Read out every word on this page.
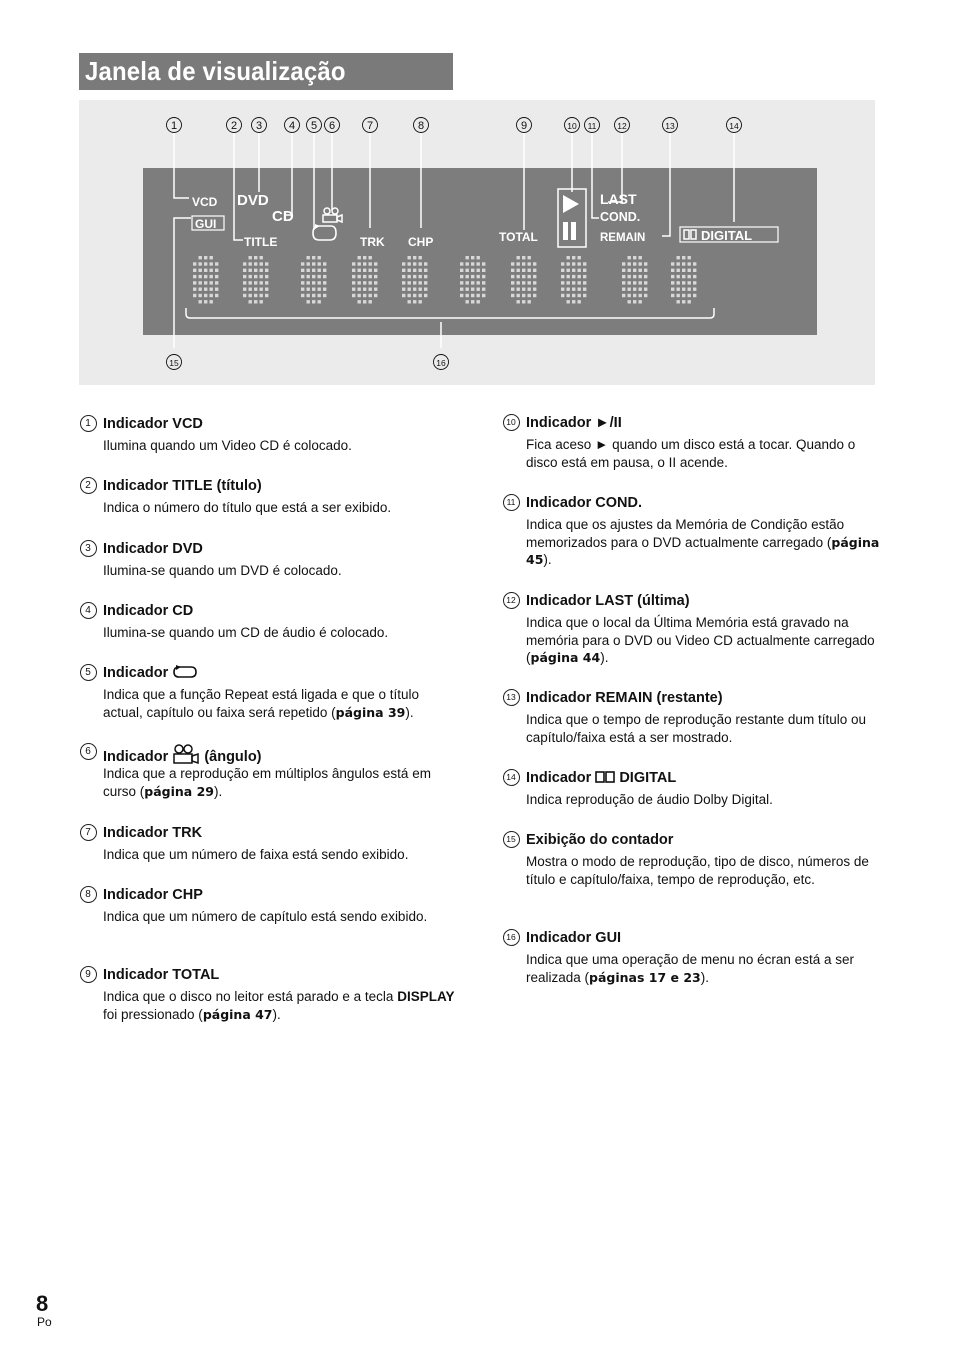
Janela de visualização
1	2 3 4 5 6	7	8	9	10 11 12	13	14
15	16
VCD DVD
CD
GUI
TITLE	TRK CHP	TOTAL
LAST
COND.
REMAIN	DIGITAL
1 Indicador VCD
Ilumina quando um Video CD é colocado.
2 Indicador TITLE (título)
Indica o número do título que está a ser exibido.
3 Indicador DVD
Ilumina-se quando um DVD é colocado.
4 Indicador CD
Ilumina-se quando um CD de áudio é colocado.
5 Indicador
Indica que a função Repeat está ligada e que o título actual, capítulo ou faixa será repetido (página 39).
6 Indicador (ângulo)
Indica que a reprodução em múltiplos ângulos está em curso (página 29).
7 Indicador TRK
Indica que um número de faixa está sendo exibido.
8 Indicador CHP
Indica que um número de capítulo está sendo exibido.
9 Indicador TOTAL
Indica que o disco no leitor está parado e a tecla DISPLAY foi pressionado (página 47).
10 Indicador ►/II
Fica aceso ► quando um disco está a tocar. Quando o disco está em pausa, o II acende.
11 Indicador COND.
Indica que os ajustes da Memória de Condição estão memorizados para o DVD actualmente carregado (página 45).
12 Indicador LAST (última)
Indica que o local da Última Memória está gravado na memória para o DVD ou Video CD actualmente carregado (página 44).
13 Indicador REMAIN (restante)
Indica que o tempo de reprodução restante dum título ou capítulo/faixa está a ser mostrado.
14 Indicador DIGITAL
Indica reprodução de áudio Dolby Digital.
15 Exibição do contador
Mostra o modo de reprodução, tipo de disco, números de título e capítulo/faixa, tempo de reprodução, etc.
16 Indicador GUI
Indica que uma operação de menu no écran está a ser realizada (páginas 17 e 23).
8
Po
